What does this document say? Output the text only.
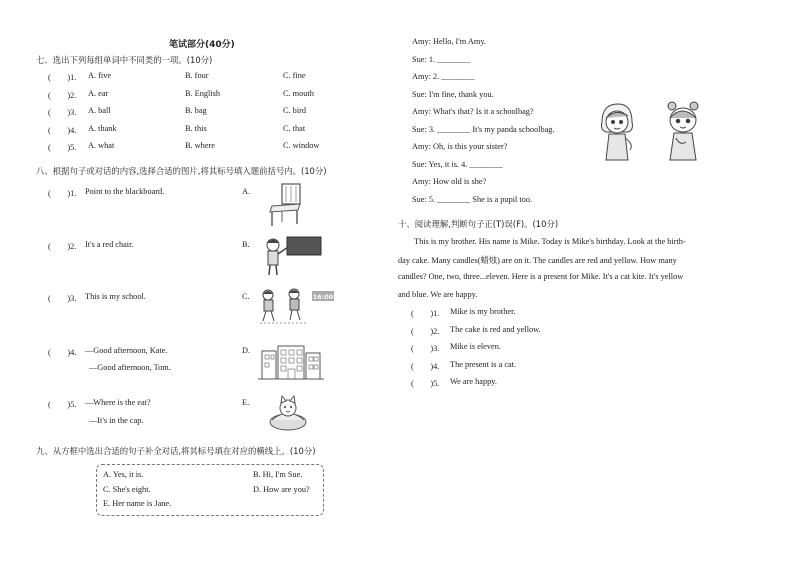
笔试部分(40分)
七、选出下列每组单词中不同类的一项。(10分)
(　　)1. A. five	B. four	C. fine
(　　)2. A. ear	B. English	C. mouth
(　　)3. A. ball	B. bag	C. bird
(　　)4. A. thank	B. this	C. that
(　　)5. A. what	B. where	C. window
八、根据句子或对话的内容,选择合适的图片,将其标号填入题前括号内。(10分)
(　　)1. Point to the blackboard.	A.
(　　)2. It's a red chair.	B.
(　　)3. This is my school.	C.
(　　)4. —Good afternoon, Kate.
—Good afternoon, Tom.
D.
(　　)5. —Where is the eat?
—It's in the cap.
E.
16:00
九、从方框中选出合适的句子补全对话,将其标号填在对应的横线上。(10分)
A. Yes, it is.	B. Hi, I'm Sue.
C. She's eight.	D. How are you?
E. Her name is Jane.
Amy: Hello, I'm Amy.
Sue: 1. ________
Amy: 2. ________
Sue: I'm fine, thank you.
Amy: What's that? Is it a schoolbag?
Sue: 3. ________ It's my panda schoolbag.
Amy: Oh, is this your sister?
Sue: Yes, it is. 4. ________
Amy: How old is she?
Sue: 5. ________ She is a pupil too.
十、阅读理解,判断句子正(T)误(F)。(10分)
This is my brother. His name is Mike. Today is Mike's birthday. Look at the birth-
day cake. Many candles(蜡烛) are on it. The candles are red and yellow. How many
candles? One, two, three...eleven. Here is a present for Mike. It's a cat kite. It's yellow
and blue. We are happy.
(　　)1. Mike is my brother.
(　　)2. The cake is red and yellow.
(　　)3. Mike is eleven.
(　　)4. The present is a cat.
(　　)5. We are happy.
